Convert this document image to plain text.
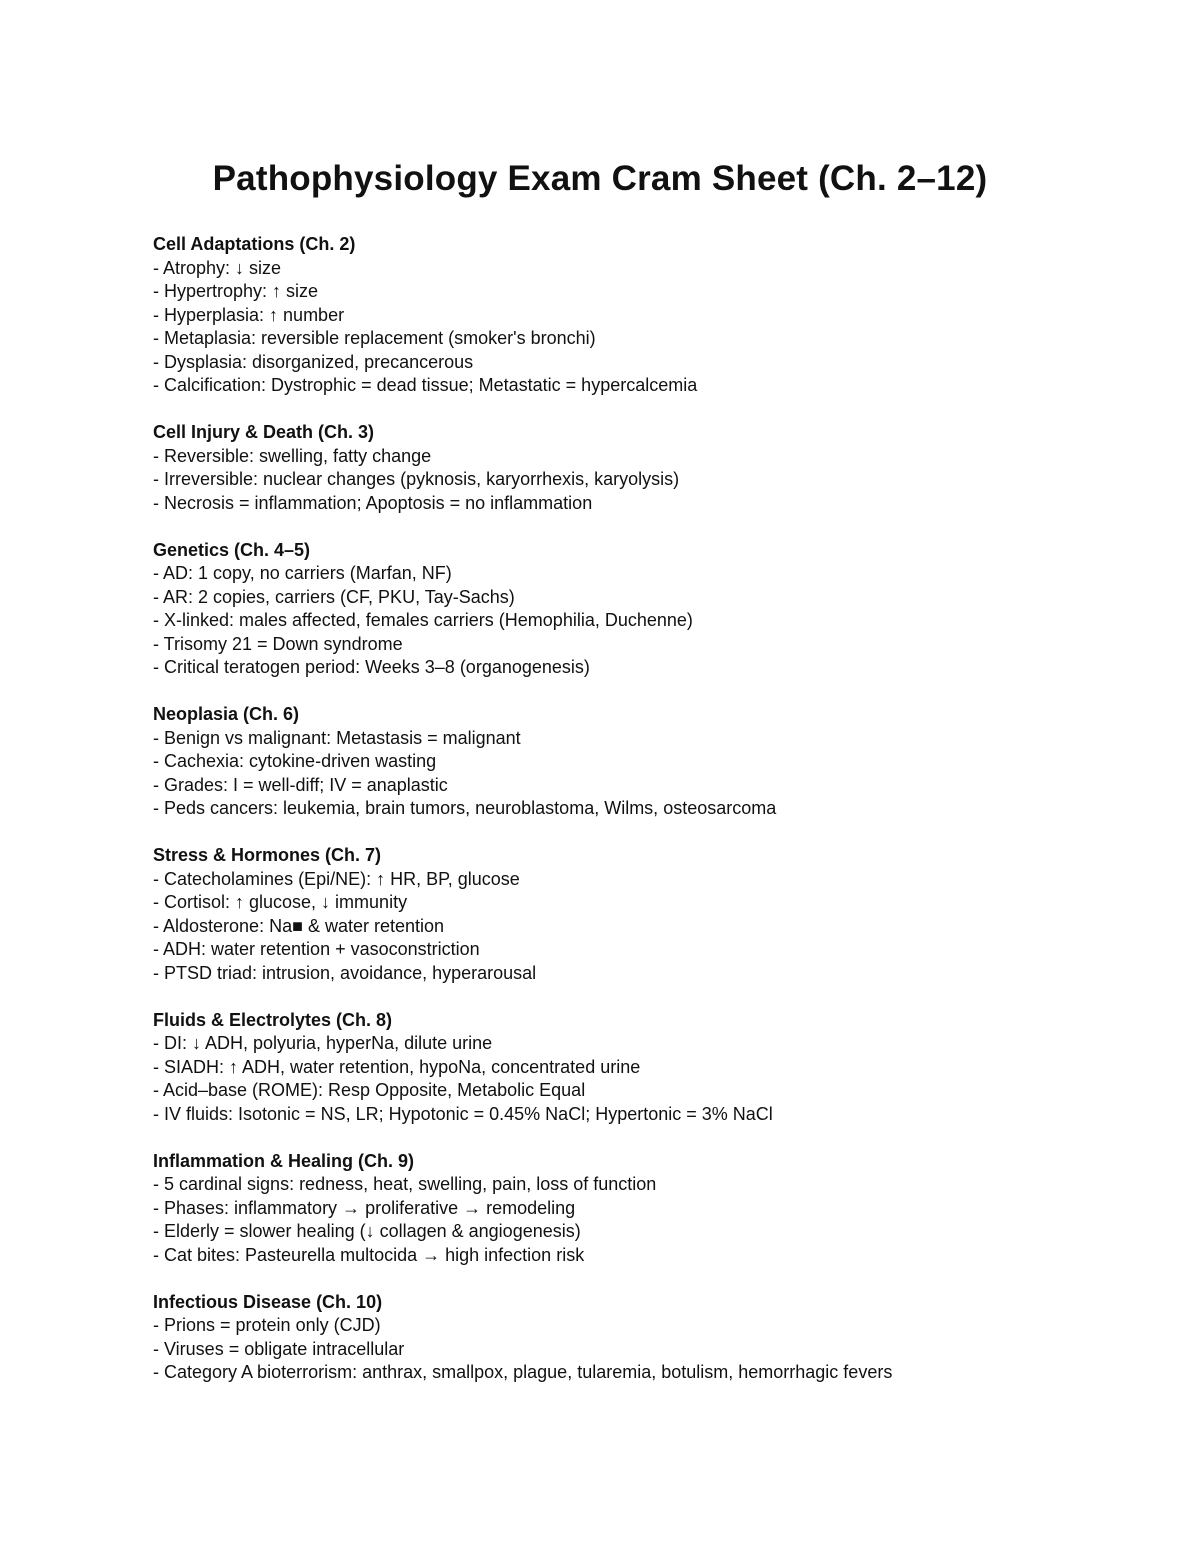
Pathophysiology Exam Cram Sheet (Ch. 2–12)
Cell Adaptations (Ch. 2)
- Atrophy: ↓ size
- Hypertrophy: ↑ size
- Hyperplasia: ↑ number
- Metaplasia: reversible replacement (smoker's bronchi)
- Dysplasia: disorganized, precancerous
- Calcification: Dystrophic = dead tissue; Metastatic = hypercalcemia
Cell Injury & Death (Ch. 3)
- Reversible: swelling, fatty change
- Irreversible: nuclear changes (pyknosis, karyorrhexis, karyolysis)
- Necrosis = inflammation; Apoptosis = no inflammation
Genetics (Ch. 4–5)
- AD: 1 copy, no carriers (Marfan, NF)
- AR: 2 copies, carriers (CF, PKU, Tay-Sachs)
- X-linked: males affected, females carriers (Hemophilia, Duchenne)
- Trisomy 21 = Down syndrome
- Critical teratogen period: Weeks 3–8 (organogenesis)
Neoplasia (Ch. 6)
- Benign vs malignant: Metastasis = malignant
- Cachexia: cytokine-driven wasting
- Grades: I = well-diff; IV = anaplastic
- Peds cancers: leukemia, brain tumors, neuroblastoma, Wilms, osteosarcoma
Stress & Hormones (Ch. 7)
- Catecholamines (Epi/NE): ↑ HR, BP, glucose
- Cortisol: ↑ glucose, ↓ immunity
- Aldosterone: Na■ & water retention
- ADH: water retention + vasoconstriction
- PTSD triad: intrusion, avoidance, hyperarousal
Fluids & Electrolytes (Ch. 8)
- DI: ↓ ADH, polyuria, hyperNa, dilute urine
- SIADH: ↑ ADH, water retention, hypoNa, concentrated urine
- Acid–base (ROME): Resp Opposite, Metabolic Equal
- IV fluids: Isotonic = NS, LR; Hypotonic = 0.45% NaCl; Hypertonic = 3% NaCl
Inflammation & Healing (Ch. 9)
- 5 cardinal signs: redness, heat, swelling, pain, loss of function
- Phases: inflammatory → proliferative → remodeling
- Elderly = slower healing (↓ collagen & angiogenesis)
- Cat bites: Pasteurella multocida → high infection risk
Infectious Disease (Ch. 10)
- Prions = protein only (CJD)
- Viruses = obligate intracellular
- Category A bioterrorism: anthrax, smallpox, plague, tularemia, botulism, hemorrhagic fevers
